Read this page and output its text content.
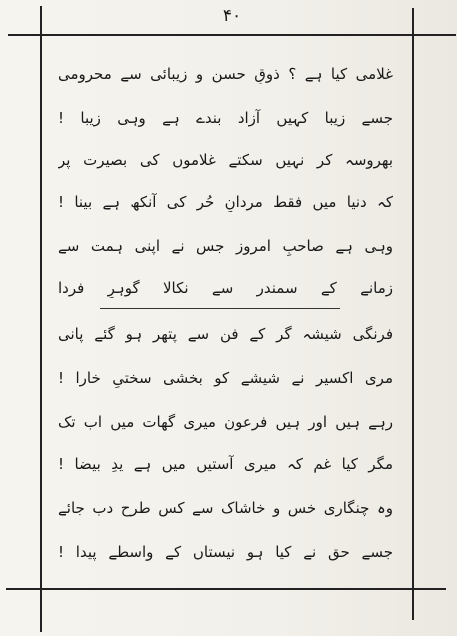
۴۰
غلامی کیا ہے ؟ ذوقِ حسن و زیبائی سے محرومی
جسے زیبا کہیں آزاد بندے ہے وہی زیبا !
بھروسہ کر نہیں سکتے غلاموں کی بصیرت پر
کہ دنیا میں فقط مردانِ حُر کی آنکھ ہے بینا !
وہی ہے صاحبِ امروز جس نے اپنی ہمت سے
زمانے کے سمندر سے نکالا گوہرِ فردا
فرنگی شیشہ گر کے فن سے پتھر ہو گئے پانی
مری اکسیر نے شیشے کو بخشی سختیِ خارا !
رہے ہیں اور ہیں فرعون میری گھات میں اب تک
مگر کیا غم کہ میری آستیں میں ہے یدِ بیضا !
وہ چنگاری خس و خاشاک سے کس طرح دب جائے
جسے حق نے کیا ہو نیستاں کے واسطے پیدا !
